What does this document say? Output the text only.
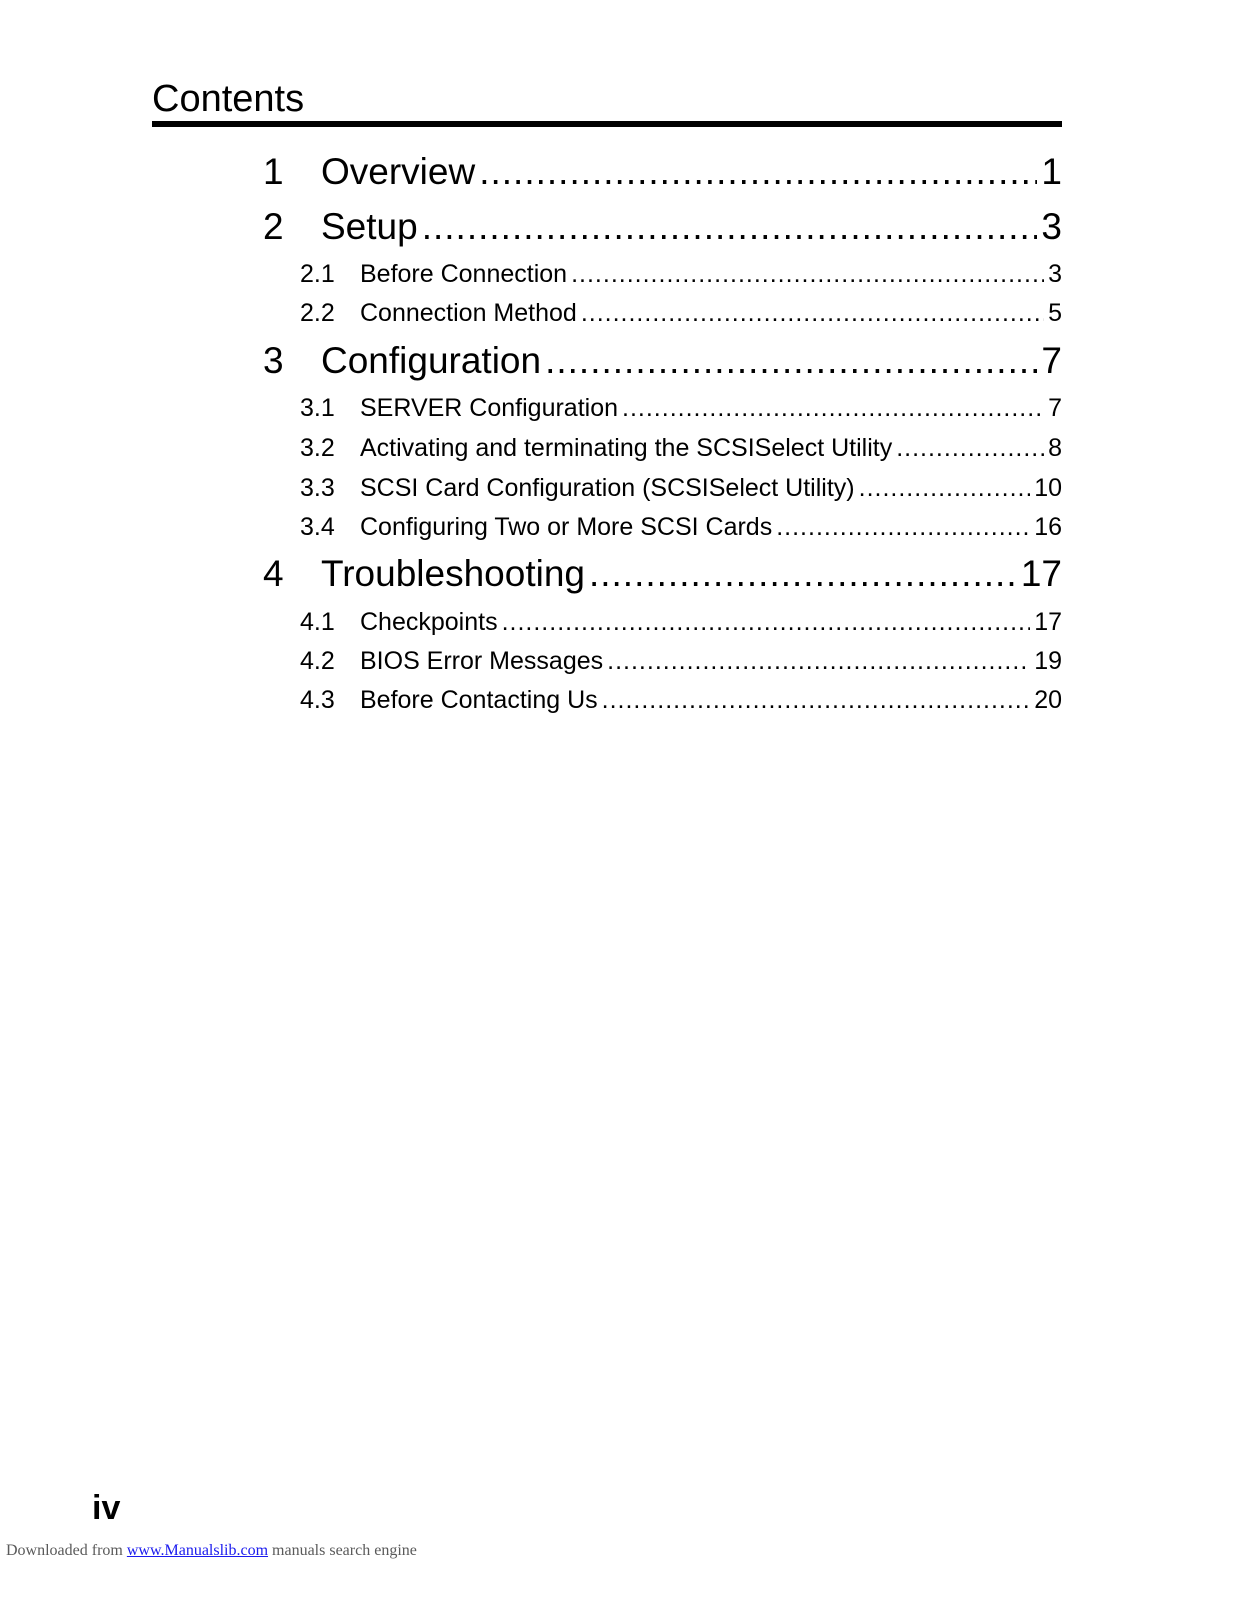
Contents
1	Overview .....	1
2	Setup .....	3
2.1	Before Connection .....	3
2.2	Connection Method .....	5
3	Configuration .....	7
3.1	SERVER Configuration .....	7
3.2	Activating and terminating the SCSISelect Utility .....	8
3.3	SCSI Card Configuration (SCSISelect Utility) .....	10
3.4	Configuring Two or More SCSI Cards .....	16
4	Troubleshooting .....	17
4.1	Checkpoints .....	17
4.2	BIOS Error Messages .....	19
4.3	Before Contacting Us .....	20
iv
Downloaded from www.Manualslib.com manuals search engine
